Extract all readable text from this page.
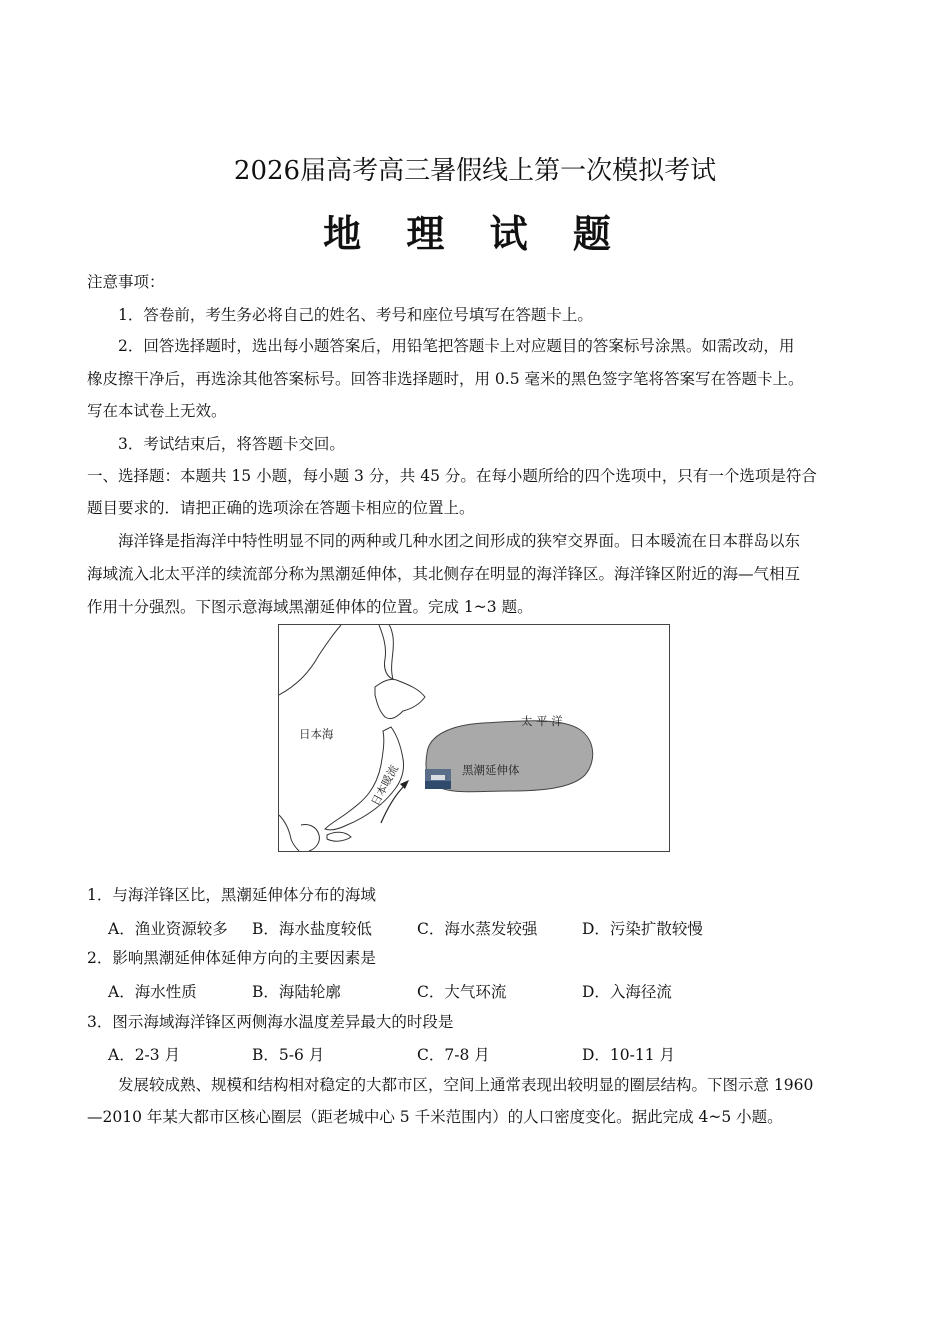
2026届高考高三暑假线上第一次模拟考试
地 理 试 题
注意事项：
1．答卷前，考生务必将自己的姓名、考号和座位号填写在答题卡上。
2．回答选择题时，选出每小题答案后，用铅笔把答题卡上对应题目的答案标号涂黑。如需改动，用
橡皮擦干净后，再选涂其他答案标号。回答非选择题时，用 0.5 毫米的黑色签字笔将答案写在答题卡上。
写在本试卷上无效。
3．考试结束后，将答题卡交回。
一、选择题：本题共 15 小题，每小题 3 分，共 45 分。在每小题所给的四个选项中，只有一个选项是符合
题目要求的．请把正确的选项涂在答题卡相应的位置上。
海洋锋是指海洋中特性明显不同的两种或几种水团之间形成的狭窄交界面。日本暖流在日本群岛以东
海域流入北太平洋的续流部分称为黑潮延伸体，其北侧存在明显的海洋锋区。海洋锋区附近的海—气相互
作用十分强烈。下图示意海域黑潮延伸体的位置。完成 1~3 题。
日本海
太 平 洋
黑潮延伸体
日本暖流
1．与海洋锋区比，黑潮延伸体分布的海域
A．渔业资源较多 B．海水盐度较低	C．海水蒸发较强	D．污染扩散较慢
2．影响黑潮延伸体延伸方向的主要因素是
A．海水性质	B．海陆轮廓	C．大气环流	D．入海径流
3．图示海域海洋锋区两侧海水温度差异最大的时段是
A．2-3 月	B．5-6 月	C．7-8 月	D．10-11 月
发展较成熟、规模和结构相对稳定的大都市区，空间上通常表现出较明显的圈层结构。下图示意 1960
—2010 年某大都市区核心圈层（距老城中心 5 千米范围内）的人口密度变化。据此完成 4~5 小题。
